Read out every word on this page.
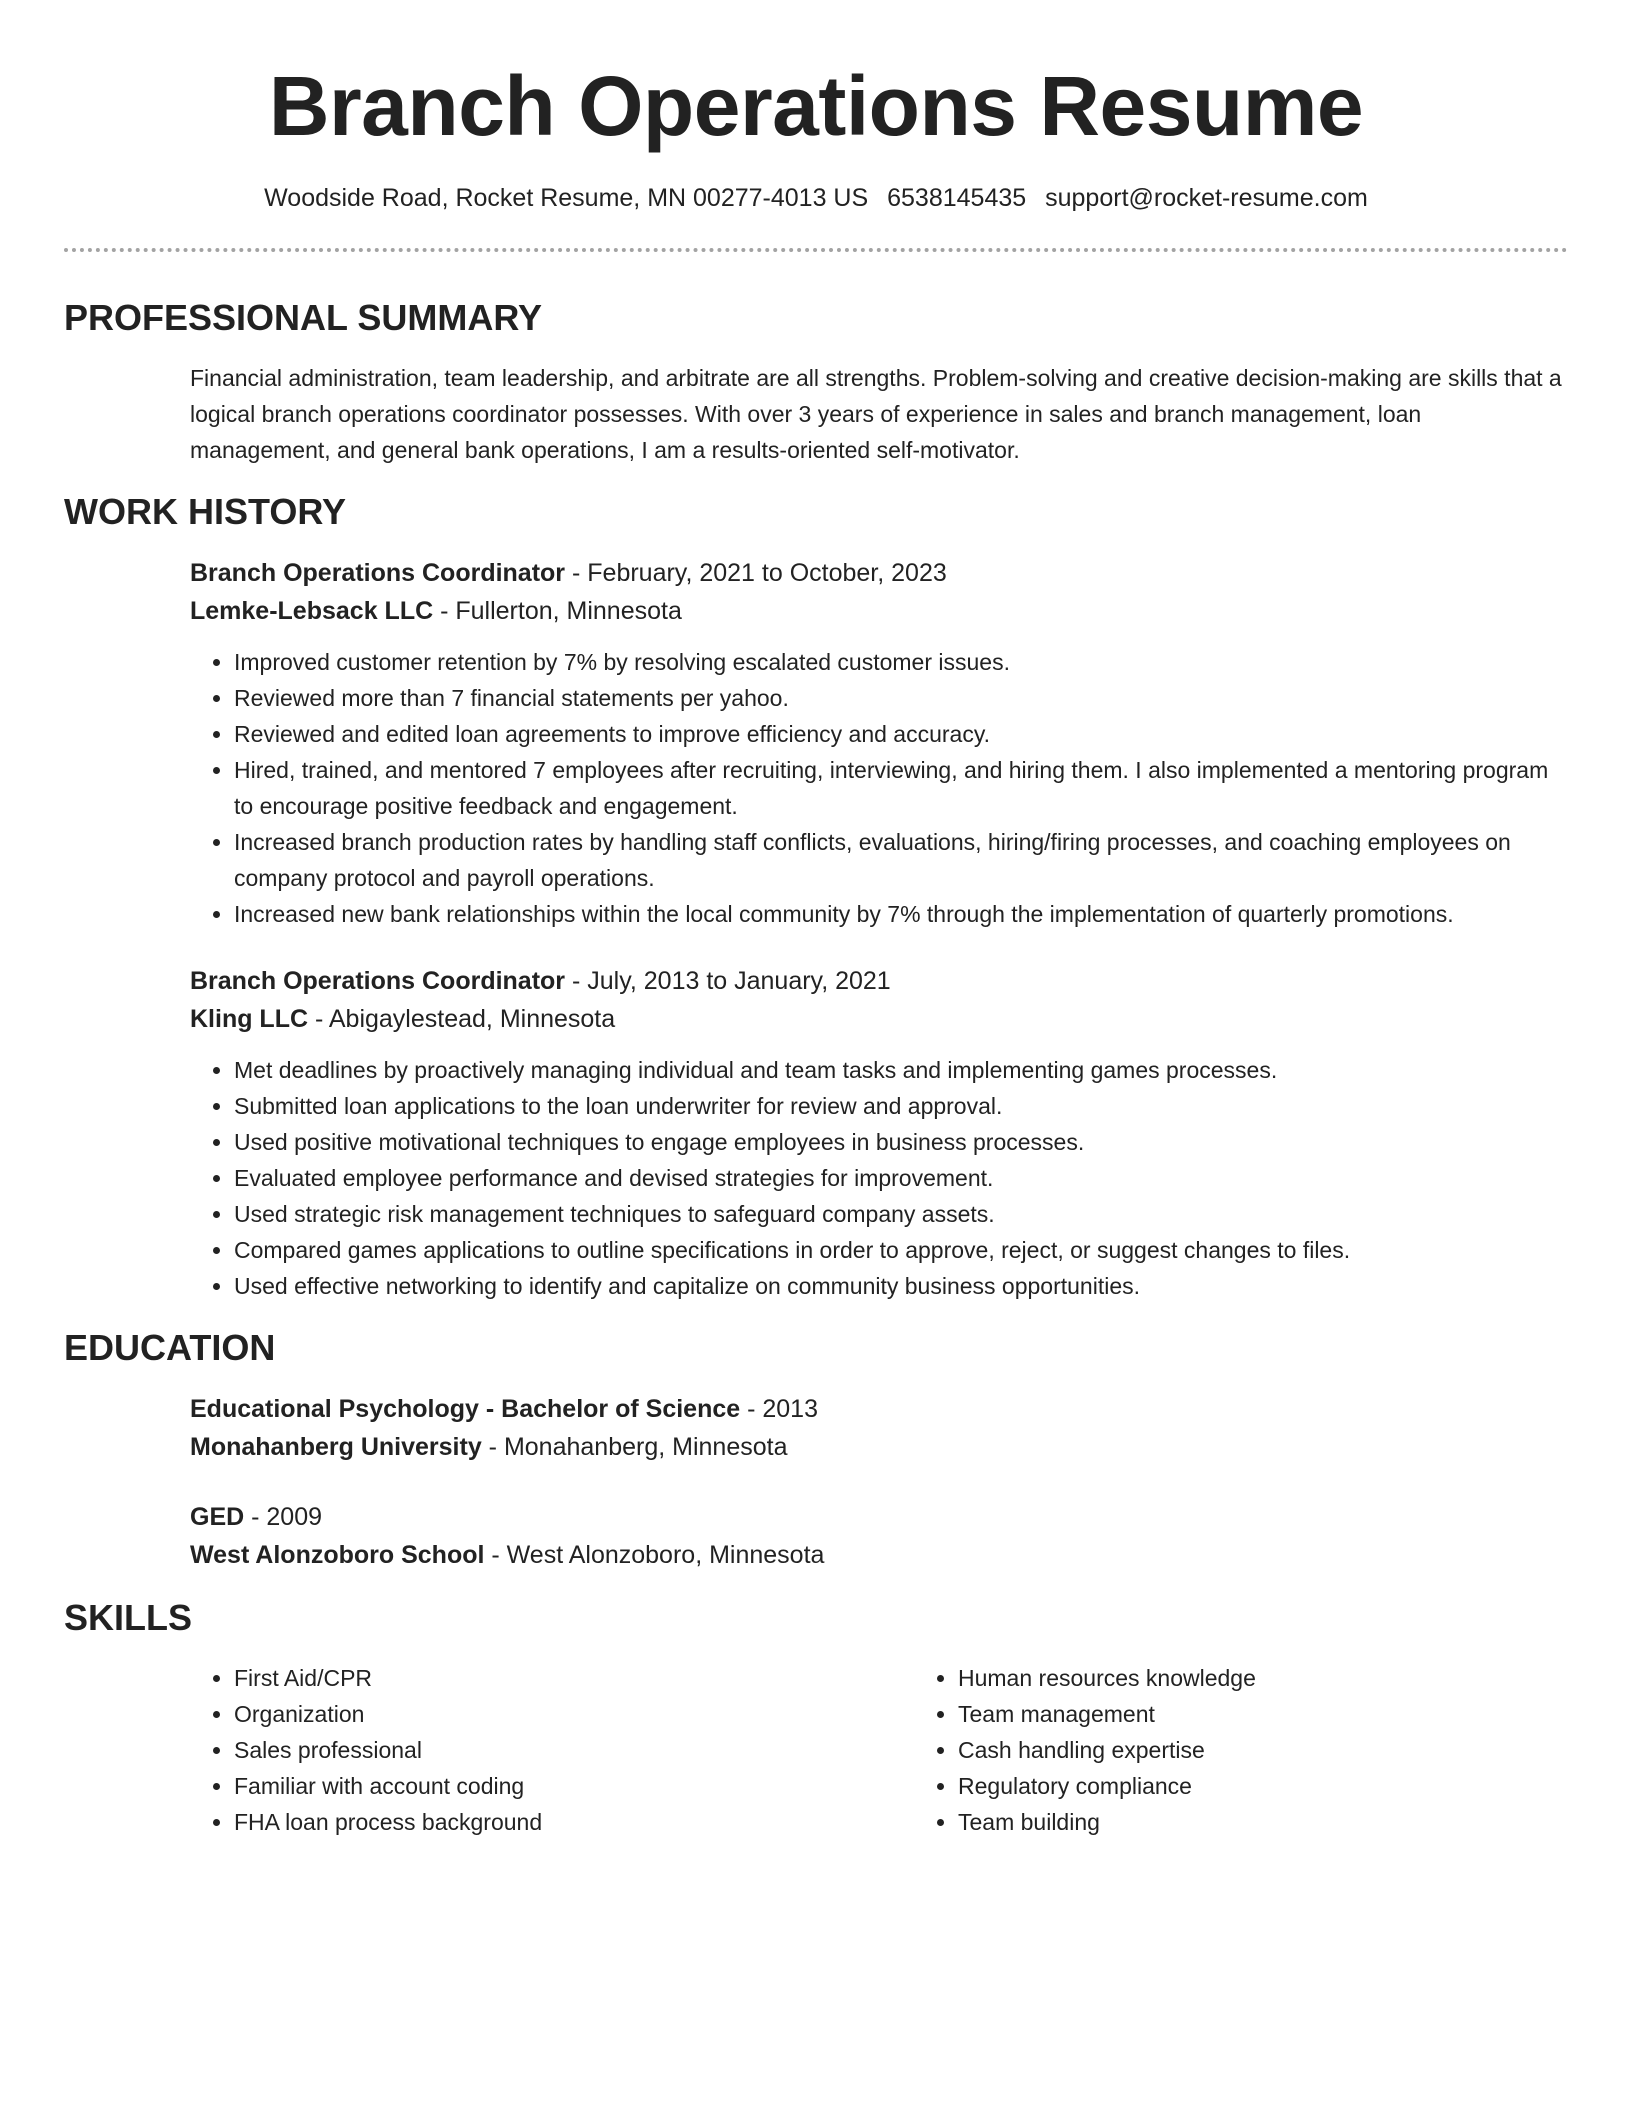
Branch Operations Resume
Woodside Road, Rocket Resume, MN 00277-4013 US 6538145435 support@rocket-resume.com
PROFESSIONAL SUMMARY
Financial administration, team leadership, and arbitrate are all strengths. Problem-solving and creative decision-making are skills that a logical branch operations coordinator possesses. With over 3 years of experience in sales and branch management, loan management, and general bank operations, I am a results-oriented self-motivator.
WORK HISTORY
Branch Operations Coordinator - February, 2021 to October, 2023
Lemke-Lebsack LLC - Fullerton, Minnesota
• Improved customer retention by 7% by resolving escalated customer issues.
• Reviewed more than 7 financial statements per yahoo.
• Reviewed and edited loan agreements to improve efficiency and accuracy.
• Hired, trained, and mentored 7 employees after recruiting, interviewing, and hiring them. I also implemented a mentoring program to encourage positive feedback and engagement.
• Increased branch production rates by handling staff conflicts, evaluations, hiring/firing processes, and coaching employees on company protocol and payroll operations.
• Increased new bank relationships within the local community by 7% through the implementation of quarterly promotions.
Branch Operations Coordinator - July, 2013 to January, 2021
Kling LLC - Abigaylestead, Minnesota
• Met deadlines by proactively managing individual and team tasks and implementing games processes.
• Submitted loan applications to the loan underwriter for review and approval.
• Used positive motivational techniques to engage employees in business processes.
• Evaluated employee performance and devised strategies for improvement.
• Used strategic risk management techniques to safeguard company assets.
• Compared games applications to outline specifications in order to approve, reject, or suggest changes to files.
• Used effective networking to identify and capitalize on community business opportunities.
EDUCATION
Educational Psychology - Bachelor of Science - 2013
Monahanberg University - Monahanberg, Minnesota
GED - 2009
West Alonzoboro School - West Alonzoboro, Minnesota
SKILLS
• First Aid/CPR
• Organization
• Sales professional
• Familiar with account coding
• FHA loan process background
• Human resources knowledge
• Team management
• Cash handling expertise
• Regulatory compliance
• Team building
